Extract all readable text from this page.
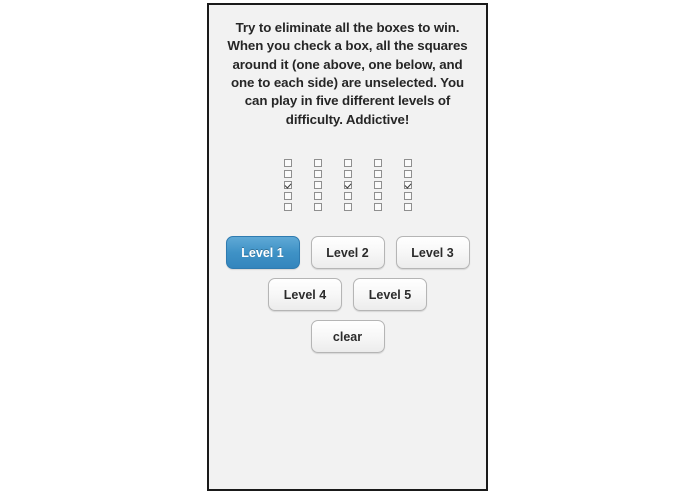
Try to eliminate all the boxes to win. When you check a box, all the squares around it (one above, one below, and one to each side) are unselected. You can play in five different levels of difficulty. Addictive!

Level 1	Level 2	Level 3
Level 4	Level 5
clear
